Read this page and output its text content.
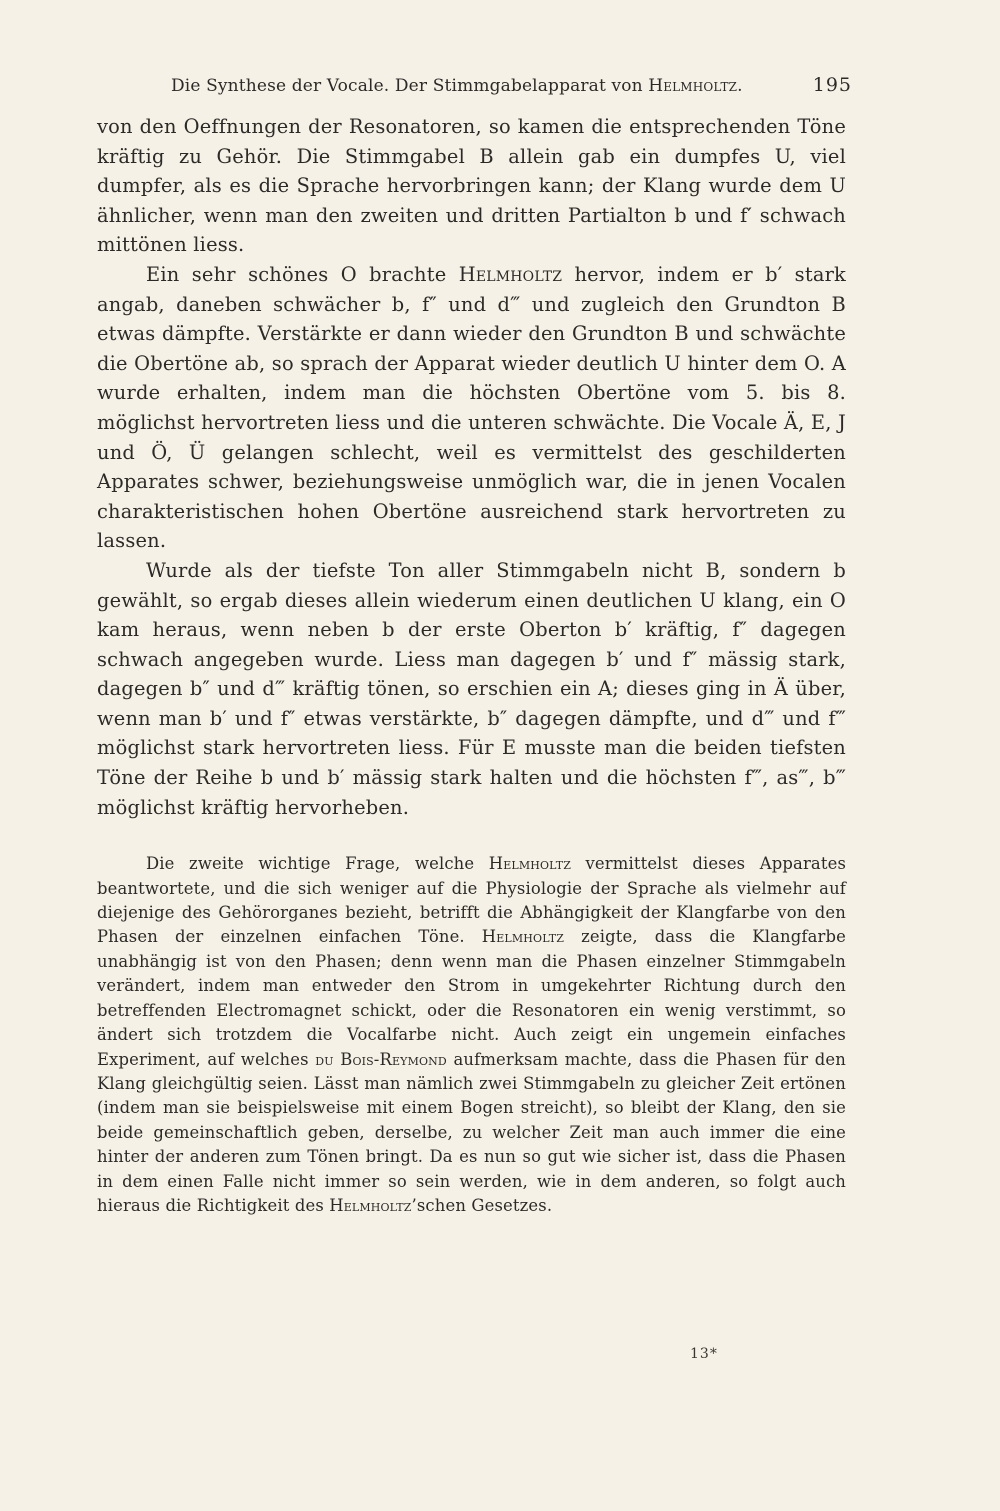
Die Synthese der Vocale. Der Stimmgabelapparat von Helmholtz.	195

von den Oeffnungen der Resonatoren, so kamen die entsprechenden Töne kräftig zu Gehör. Die Stimmgabel B allein gab ein dumpfes U, viel dumpfer, als es die Sprache hervorbringen kann; der Klang wurde dem U ähnlicher, wenn man den zweiten und dritten Partialton b und f′ schwach mittönen liess.

Ein sehr schönes O brachte Helmholtz hervor, indem er b′ stark angab, daneben schwächer b, f″ und d‴ und zugleich den Grundton B etwas dämpfte. Verstärkte er dann wieder den Grundton B und schwächte die Obertöne ab, so sprach der Apparat wieder deutlich U hinter dem O. A wurde erhalten, indem man die höchsten Obertöne vom 5. bis 8. möglichst hervortreten liess und die unteren schwächte. Die Vocale Ä, E, J und Ö, Ü gelangen schlecht, weil es vermittelst des geschilderten Apparates schwer, beziehungsweise unmöglich war, die in jenen Vocalen charakteristischen hohen Obertöne ausreichend stark hervortreten zu lassen.

Wurde als der tiefste Ton aller Stimmgabeln nicht B, sondern b gewählt, so ergab dieses allein wiederum einen deutlichen U klang, ein O kam heraus, wenn neben b der erste Oberton b′ kräftig, f″ dagegen schwach angegeben wurde. Liess man dagegen b′ und f″ mässig stark, dagegen b″ und d‴ kräftig tönen, so erschien ein A; dieses ging in Ä über, wenn man b′ und f″ etwas verstärkte, b″ dagegen dämpfte, und d‴ und f‴ möglichst stark hervortreten liess. Für E musste man die beiden tiefsten Töne der Reihe b und b′ mässig stark halten und die höchsten f‴, as‴, b‴ möglichst kräftig hervorheben.

Die zweite wichtige Frage, welche Helmholtz vermittelst dieses Apparates beantwortete, und die sich weniger auf die Physiologie der Sprache als vielmehr auf diejenige des Gehörorganes bezieht, betrifft die Abhängigkeit der Klangfarbe von den Phasen der einzelnen einfachen Töne. Helmholtz zeigte, dass die Klangfarbe unabhängig ist von den Phasen; denn wenn man die Phasen einzelner Stimmgabeln verändert, indem man entweder den Strom in umgekehrter Richtung durch den betreffenden Electromagnet schickt, oder die Resonatoren ein wenig verstimmt, so ändert sich trotzdem die Vocalfarbe nicht. Auch zeigt ein ungemein einfaches Experiment, auf welches du Bois-Reymond aufmerksam machte, dass die Phasen für den Klang gleichgültig seien. Lässt man nämlich zwei Stimmgabeln zu gleicher Zeit ertönen (indem man sie beispielsweise mit einem Bogen streicht), so bleibt der Klang, den sie beide gemeinschaftlich geben, derselbe, zu welcher Zeit man auch immer die eine hinter der anderen zum Tönen bringt. Da es nun so gut wie sicher ist, dass die Phasen in dem einen Falle nicht immer so sein werden, wie in dem anderen, so folgt auch hieraus die Richtigkeit des Helmholtz’schen Gesetzes.

13*
